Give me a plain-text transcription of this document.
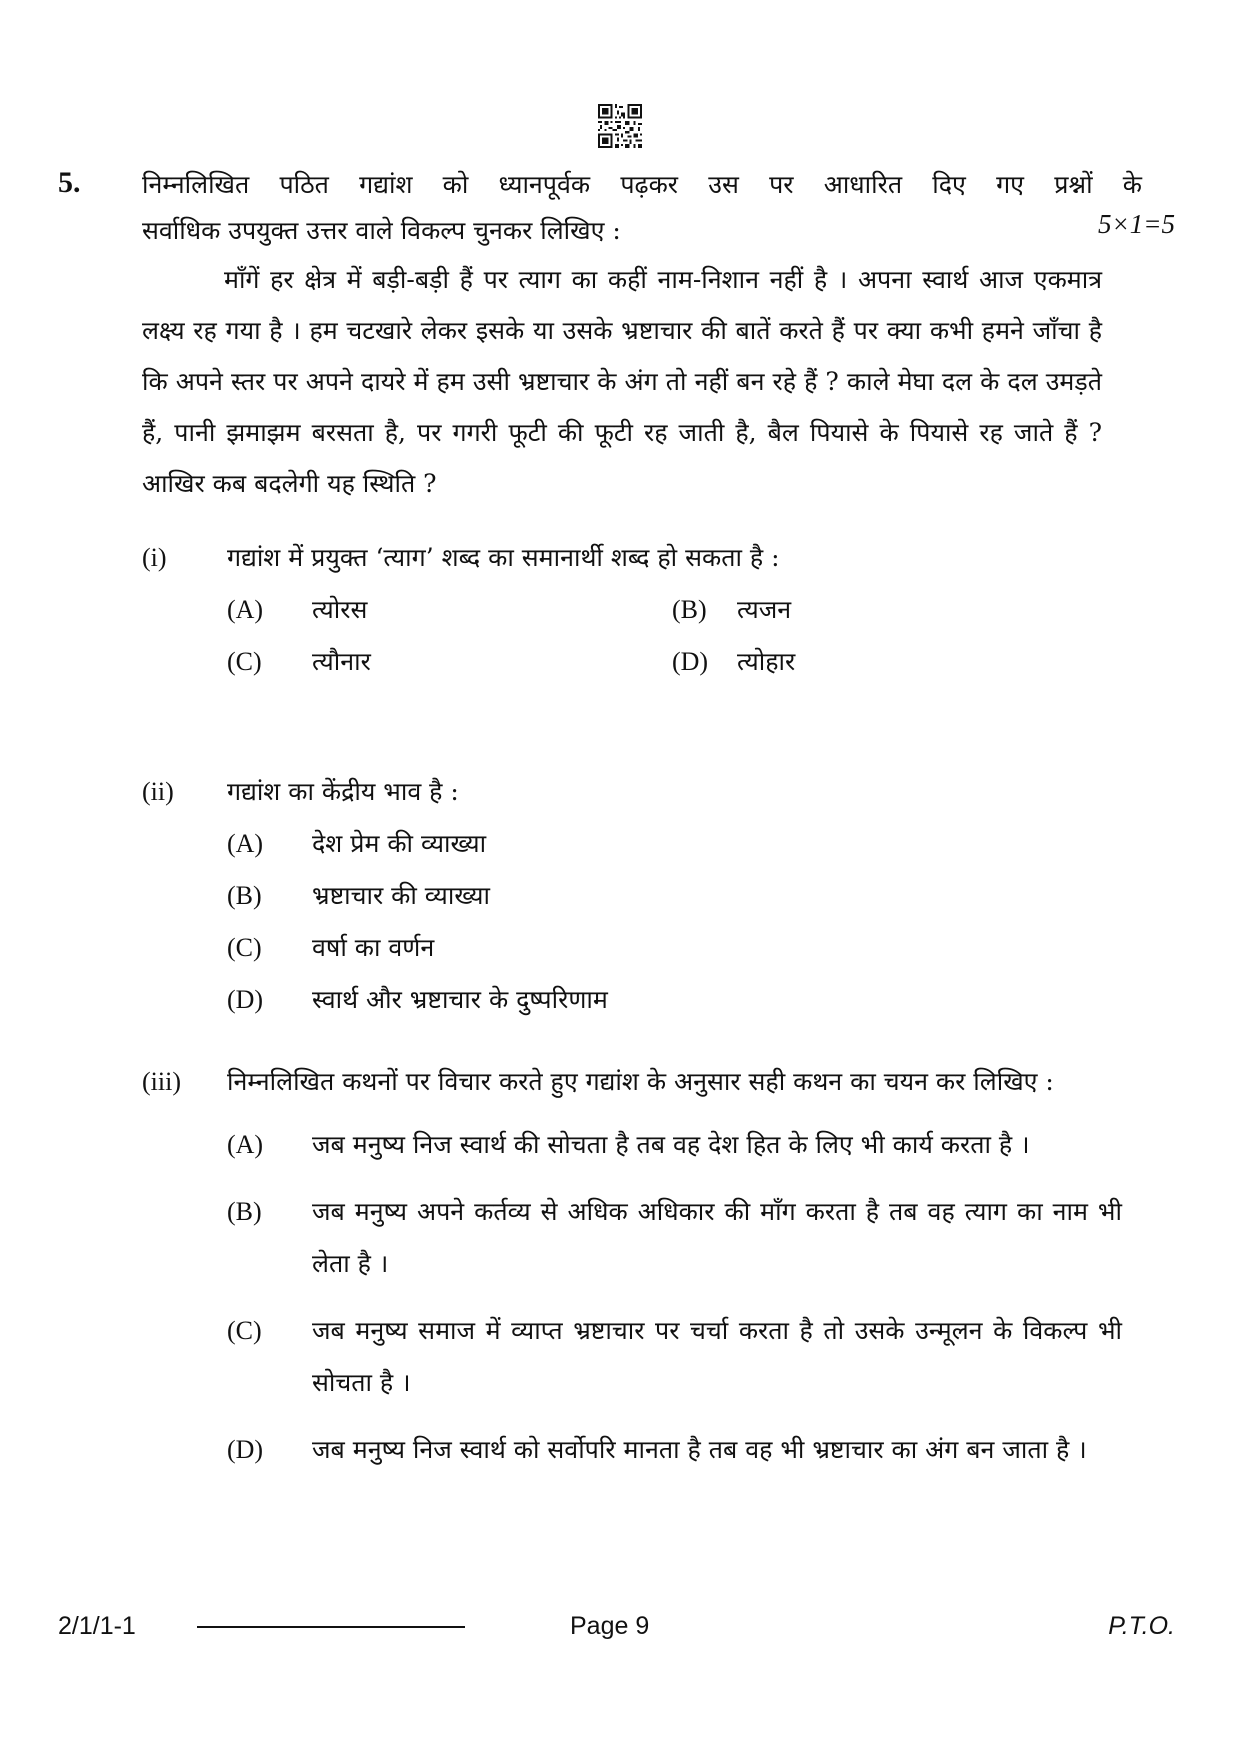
5. निम्नलिखित पठित गद्यांश को ध्यानपूर्वक पढ़कर उस पर आधारित दिए गए प्रश्नों के
सर्वाधिक उपयुक्त उत्तर वाले विकल्प चुनकर लिखिए :	5×1=5

माँगें हर क्षेत्र में बड़ी-बड़ी हैं पर त्याग का कहीं नाम-निशान नहीं है । अपना स्वार्थ आज एकमात्र लक्ष्य रह गया है । हम चटखारे लेकर इसके या उसके भ्रष्टाचार की बातें करते हैं पर क्या कभी हमने जाँचा है कि अपने स्तर पर अपने दायरे में हम उसी भ्रष्टाचार के अंग तो नहीं बन रहे हैं ? काले मेघा दल के दल उमड़ते हैं, पानी झमाझम बरसता है, पर गगरी फूटी की फूटी रह जाती है, बैल पियासे के पियासे रह जाते हैं ? आखिर कब बदलेगी यह स्थिति ?

(i) गद्यांश में प्रयुक्त ‘त्याग’ शब्द का समानार्थी शब्द हो सकता है :
(A)	त्योरस	(B)	त्यजन
(C)	त्यौनार	(D)	त्योहार
(ii) गद्यांश का केंद्रीय भाव है :
(A)	देश प्रेम की व्याख्या
(B)	भ्रष्टाचार की व्याख्या
(C)	वर्षा का वर्णन
(D)	स्वार्थ और भ्रष्टाचार के दुष्परिणाम
(iii) निम्नलिखित कथनों पर विचार करते हुए गद्यांश के अनुसार सही कथन का चयन कर लिखिए :
(A)	जब मनुष्य निज स्वार्थ की सोचता है तब वह देश हित के लिए भी कार्य करता है ।
(B)	जब मनुष्य अपने कर्तव्य से अधिक अधिकार की माँग करता है तब वह त्याग का नाम भी लेता है ।
(C)	जब मनुष्य समाज में व्याप्त भ्रष्टाचार पर चर्चा करता है तो उसके उन्मूलन के विकल्प भी सोचता है ।
(D)	जब मनुष्य निज स्वार्थ को सर्वोपरि मानता है तब वह भी भ्रष्टाचार का अंग बन जाता है ।
2/1/1-1	Page 9	P.T.O.
